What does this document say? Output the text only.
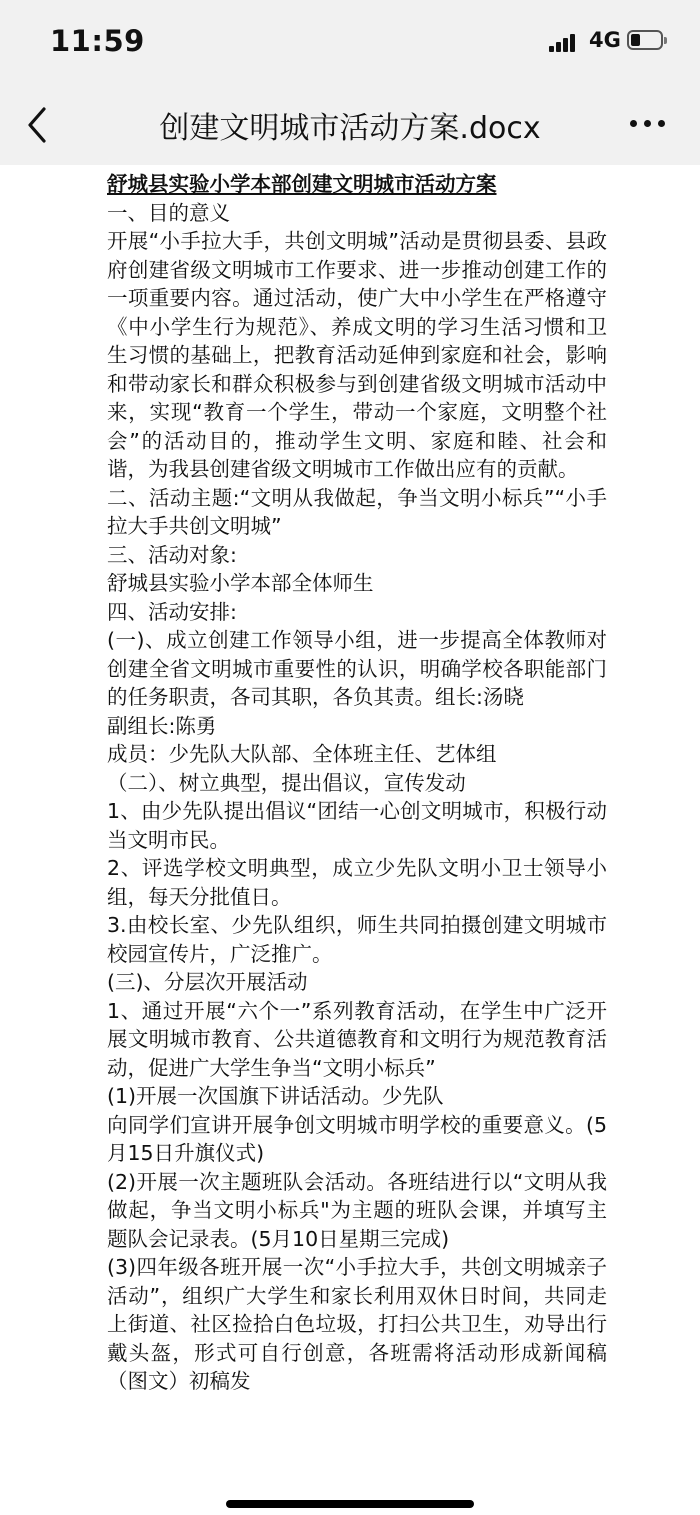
11:59	4G
创建文明城市活动方案.docx

舒城县实验小学本部创建文明城市活动方案

一、目的意义

开展“小手拉大手，共创文明城”活动是贯彻县委、县政府创建省级文明城市工作要求、进一步推动创建工作的一项重要内容。通过活动，使广大中小学生在严格遵守《中小学生行为规范》、养成文明的学习生活习惯和卫生习惯的基础上，把教育活动延伸到家庭和社会，影响和带动家长和群众积极参与到创建省级文明城市活动中来，实现“教育一个学生，带动一个家庭，文明整个社会”的活动目的，推动学生文明、家庭和睦、社会和谐，为我县创建省级文明城市工作做出应有的贡献。

二、活动主题:“文明从我做起，争当文明小标兵”“小手拉大手共创文明城”

三、活动对象:

舒城县实验小学本部全体师生

四、活动安排:

(一)、成立创建工作领导小组，进一步提高全体教师对创建全省文明城市重要性的认识，明确学校各职能部门的任务职责，各司其职，各负其责。组长:汤晓

副组长:陈勇

成员：少先队大队部、全体班主任、艺体组

（二）、树立典型，提出倡议，宣传发动

1、由少先队提出倡议“团结一心创文明城市，积极行动当文明市民。

2、评选学校文明典型，成立少先队文明小卫士领导小组，每天分批值日。

3.由校长室、少先队组织，师生共同拍摄创建文明城市校园宣传片，广泛推广。

(三)、分层次开展活动

1、通过开展“六个一”系列教育活动，在学生中广泛开展文明城市教育、公共道德教育和文明行为规范教育活动，促进广大学生争当“文明小标兵”

(1)开展一次国旗下讲话活动。少先队

向同学们宣讲开展争创文明城市明学校的重要意义。(5月15日升旗仪式)

(2)开展一次主题班队会活动。各班结进行以“文明从我做起，争当文明小标兵"为主题的班队会课，并填写主题队会记录表。(5月10日星期三完成)

(3)四年级各班开展一次“小手拉大手，共创文明城亲子活动”，组织广大学生和家长利用双休日时间，共同走上街道、社区捡拾白色垃圾，打扫公共卫生，劝导出行戴头盔，形式可自行创意，各班需将活动形成新闻稿（图文）初稿发
